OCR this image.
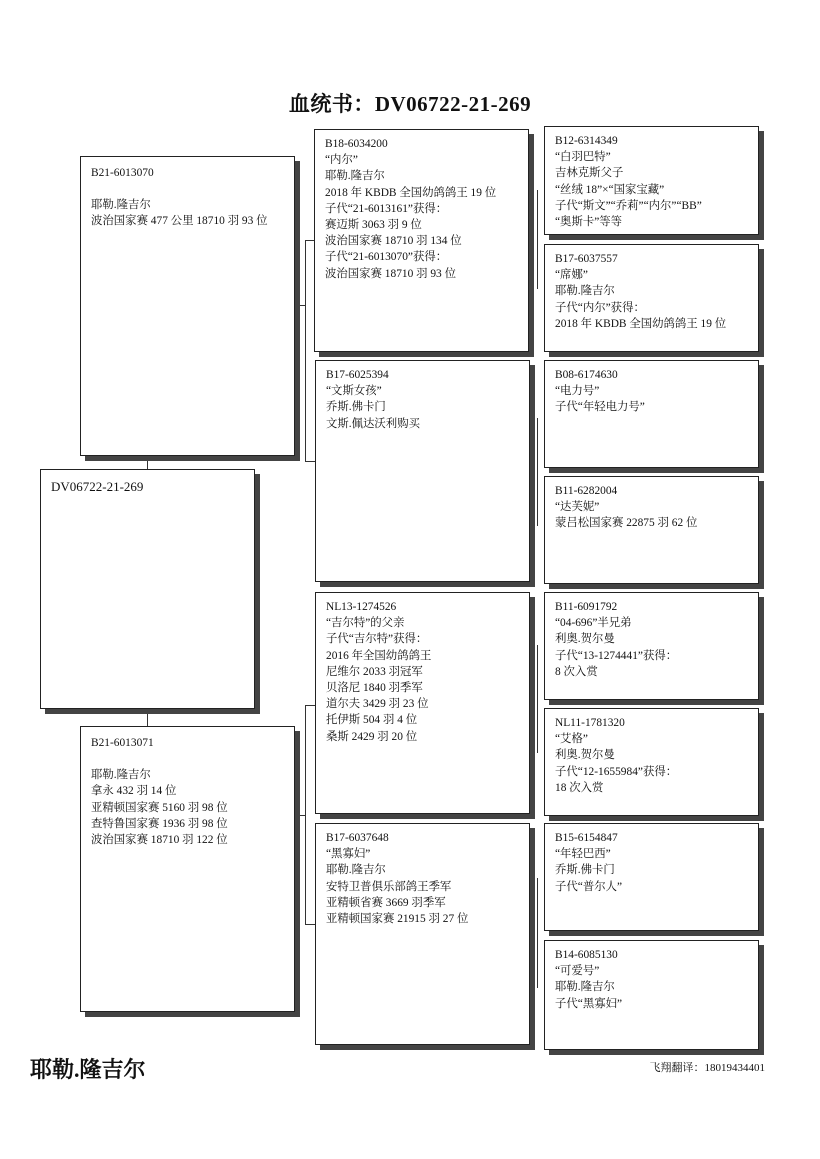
血统书：DV06722-21-269
DV06722-21-269
B21-6013070
耶勒.隆吉尔
波治国家赛 477 公里 18710 羽 93 位
B21-6013071
耶勒.隆吉尔
拿永 432 羽 14 位
亚精顿国家赛 5160 羽 98 位
查特鲁国家赛 1936 羽 98 位
波治国家赛 18710 羽 122 位
B18-6034200
“内尔”
耶勒.隆吉尔
2018 年 KBDB 全国幼鸽鸽王 19 位
子代“21-6013161”获得：
赛迈斯 3063 羽 9 位
波治国家赛 18710 羽 134 位
子代“21-6013070”获得：
波治国家赛 18710 羽 93 位
B17-6025394
“文斯女孩”
乔斯.佛卡门
文斯.佩达沃利购买
NL13-1274526
“吉尔特”的父亲
子代“吉尔特”获得：
2016 年全国幼鸽鸽王
尼维尔 2033 羽冠军
贝洛尼 1840 羽季军
道尔夫 3429 羽 23 位
托伊斯 504 羽 4 位
桑斯 2429 羽 20 位
B17-6037648
“黑寡妇”
耶勒.隆吉尔
安特卫普俱乐部鸽王季军
亚精顿省赛 3669 羽季军
亚精顿国家赛 21915 羽 27 位
B12-6314349
“白羽巴特”
吉林克斯父子
“丝绒 18”×“国家宝藏”
子代“斯文”“乔莉”“内尔”“BB”
“奥斯卡”等等
B17-6037557
“席娜”
耶勒.隆吉尔
子代“内尔”获得：
2018 年 KBDB 全国幼鸽鸽王 19 位
B08-6174630
“电力号”
子代“年轻电力号”
B11-6282004
“达芙妮”
蒙吕松国家赛 22875 羽 62 位
B11-6091792
“04-696”半兄弟
利奥.贺尔曼
子代“13-1274441”获得：
8 次入赏
NL11-1781320
“艾格”
利奥.贺尔曼
子代“12-1655984”获得：
18 次入赏
B15-6154847
“年轻巴西”
乔斯.佛卡门
子代“普尔人”
B14-6085130
“可爱号”
耶勒.隆吉尔
子代“黑寡妇”
耶勒.隆吉尔	飞翔翻译：18019434401
